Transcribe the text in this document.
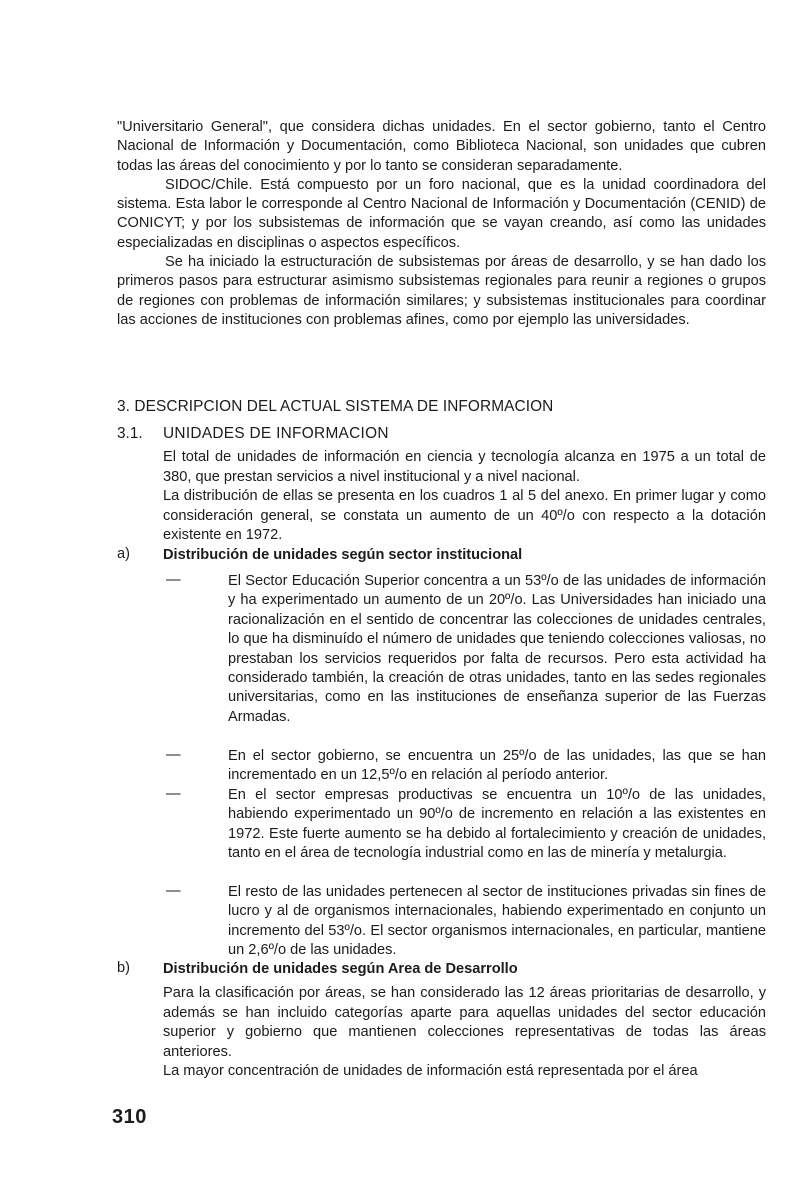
"Universitario General", que considera dichas unidades. En el sector gobierno, tanto el Centro Nacional de Información y Documentación, como Biblioteca Nacional, son unidades que cubren todas las áreas del conocimiento y por lo tanto se consideran separadamente.

SIDOC/Chile. Está compuesto por un foro nacional, que es la unidad coordinadora del sistema. Esta labor le corresponde al Centro Nacional de Información y Documentación (CENID) de CONICYT; y por los subsistemas de información que se vayan creando, así como las unidades especializadas en disciplinas o aspectos específicos.

Se ha iniciado la estructuración de subsistemas por áreas de desarrollo, y se han dado los primeros pasos para estructurar asimismo subsistemas regionales para reunir a regiones o grupos de regiones con problemas de información similares; y subsistemas institucionales para coordinar las acciones de instituciones con problemas afines, como por ejemplo las universidades.

3. DESCRIPCION DEL ACTUAL SISTEMA DE INFORMACION
3.1. UNIDADES DE INFORMACION

El total de unidades de información en ciencia y tecnología alcanza en 1975 a un total de 380, que prestan servicios a nivel institucional y a nivel nacional.

La distribución de ellas se presenta en los cuadros 1 al 5 del anexo. En primer lugar y como consideración general, se constata un aumento de un 40º/o con respecto a la dotación existente en 1972.

a) Distribución de unidades según sector institucional
—	El Sector Educación Superior concentra a un 53º/o de las unidades de información y ha experimentado un aumento de un 20º/o. Las Universidades han iniciado una racionalización en el sentido de concentrar las colecciones de unidades centrales, lo que ha disminuído el número de unidades que teniendo colecciones valiosas, no prestaban los servicios requeridos por falta de recursos. Pero esta actividad ha considerado también, la creación de otras unidades, tanto en las sedes regionales universitarias, como en las instituciones de enseñanza superior de las Fuerzas Armadas.

—	En el sector gobierno, se encuentra un 25º/o de las unidades, las que se han incrementado en un 12,5º/o en relación al período anterior.

—	En el sector empresas productivas se encuentra un 10º/o de las unidades, habiendo experimentado un 90º/o de incremento en relación a las existentes en 1972. Este fuerte aumento se ha debido al fortalecimiento y creación de unidades, tanto en el área de tecnología industrial como en las de minería y metalurgia.

—	El resto de las unidades pertenecen al sector de instituciones privadas sin fines de lucro y al de organismos internacionales, habiendo experimentado en conjunto un incremento del 53º/o. El sector organismos internacionales, en particular, mantiene un 2,6º/o de las unidades.

b) Distribución de unidades según Area de Desarrollo

Para la clasificación por áreas, se han considerado las 12 áreas prioritarias de desarrollo, y además se han incluido categorías aparte para aquellas unidades del sector educación superior y gobierno que mantienen colecciones representativas de todas las áreas anteriores.

La mayor concentración de unidades de información está representada por el área

310
